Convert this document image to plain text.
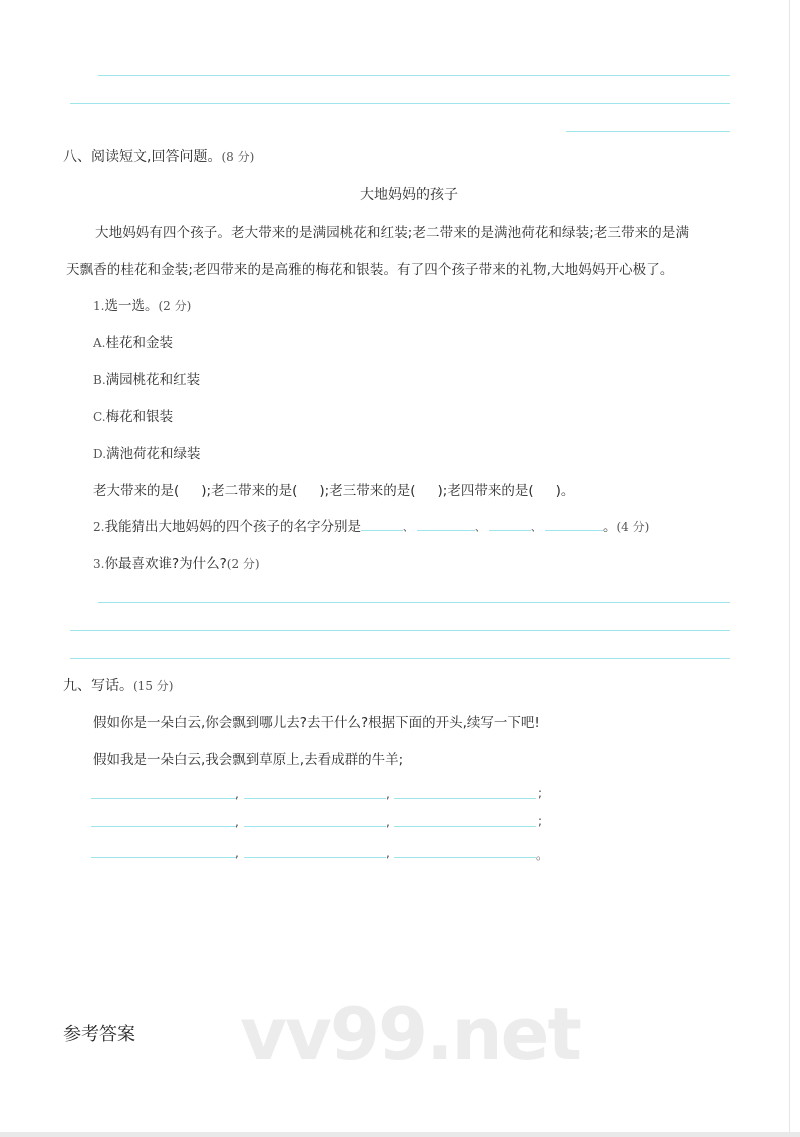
八、阅读短文,回答问题。(8 分)
大地妈妈的孩子
大地妈妈有四个孩子。老大带来的是满园桃花和红装;老二带来的是满池荷花和绿装;老三带来的是满
天飘香的桂花和金装;老四带来的是高雅的梅花和银装。有了四个孩子带来的礼物,大地妈妈开心极了。
1.选一选。(2 分)
A.桂花和金装
B.满园桃花和红装
C.梅花和银装
D.满池荷花和绿装
老大带来的是( );老二带来的是( );老三带来的是( );老四带来的是( )。
2.我能猜出大地妈妈的四个孩子的名字分别是	、	、	、	。(4 分)
3.你最喜欢谁?为什么?(2 分)
九、写话。(15 分)
假如你是一朵白云,你会飘到哪儿去?去干什么?根据下面的开头,续写一下吧!
假如我是一朵白云,我会飘到草原上,去看成群的牛羊;
,	,	;
,	,	;
,	,	。
vv99.net
参考答案
